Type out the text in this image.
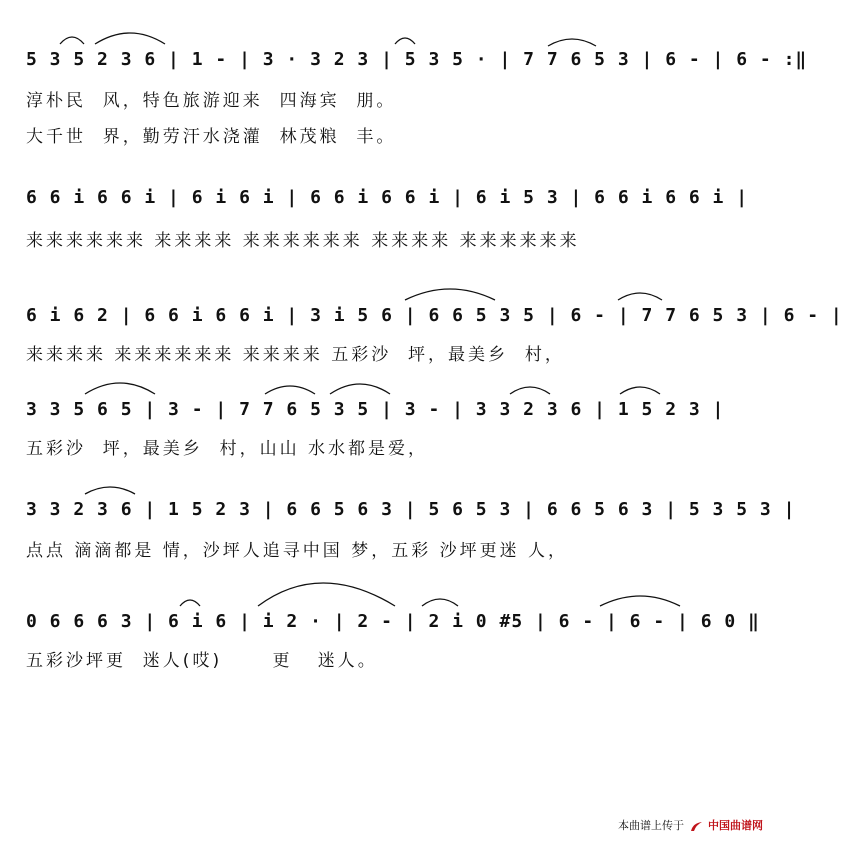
5 3 5 2 3 6 | 1 - | 3 · 3 2 3 | 5 3 5 · | 7 7 6 5 3 | 6 - | 6 - :‖
淳朴民  风，特色旅游迎来  四海宾  朋。
大千世  界，勤劳汗水浇灌  林茂粮  丰。
6 6 i 6 6 i | 6 i 6 i | 6 6 i 6 6 i | 6 i 5 3 | 6 6 i 6 6 i |
来来来来来来 来来来来 来来来来来来 来来来来 来来来来来来
6 i 6 2 | 6 6 i 6 6 i | 3 i 5 6 | 6 6 5 3 5 | 6 - | 7 7 6 5 3 | 6 - |
来来来来 来来来来来来 来来来来 五彩沙  坪，最美乡  村，
3 3 5 6 5 | 3 - | 7 7 6 5 3 5 | 3 - | 3 3 2 3 6 | 1 5 2 3 |
五彩沙  坪，最美乡  村，山山 水水都是爱，
3 3 2 3 6 | 1 5 2 3 | 6 6 5 6 3 | 5 6 5 3 | 6 6 5 6 3 | 5 3 5 3 |
点点 滴滴都是 情，沙坪人追寻中国 梦，五彩 沙坪更迷 人，
0 6 6 6 3 | 6 i 6 | i 2 · | 2 - | 2 i 0 #5 | 6 - | 6 - | 6 0 ‖
五彩沙坪更  迷人(哎)      更   迷人。
本曲谱上传于 中国曲谱网
